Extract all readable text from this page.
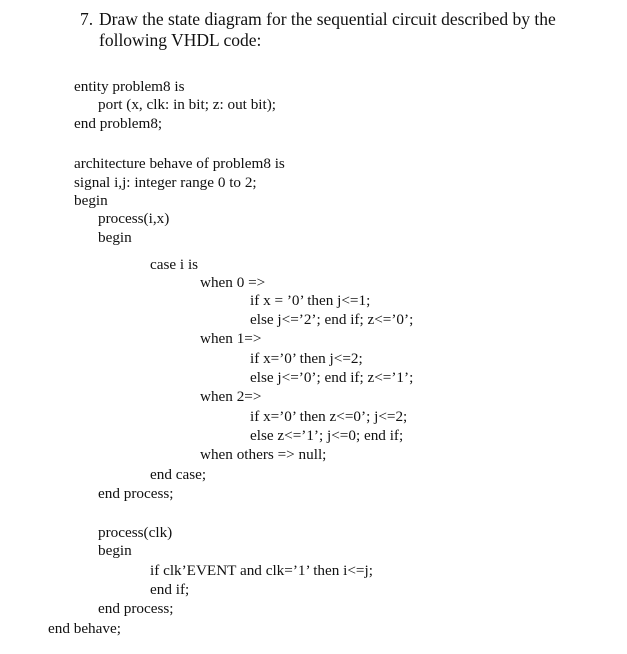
7. Draw the state diagram for the sequential circuit described by the following VHDL code:
entity problem8 is
port (x, clk: in bit; z: out bit);
end problem8;
architecture behave of problem8 is
signal i,j: integer range 0 to 2;
begin
process(i,x)
begin
case i is
when 0 =>
if x = ’0’ then j<=1;
else j<=’2’; end if; z<=’0’;
when 1=>
if x=’0’ then j<=2;
else j<=’0’; end if; z<=’1’;
when 2=>
if x=’0’ then z<=0’; j<=2;
else z<=’1’; j<=0; end if;
when others => null;
end case;
end process;
process(clk)
begin
if clk’EVENT and clk=’1’ then i<=j;
end if;
end process;
end behave;
